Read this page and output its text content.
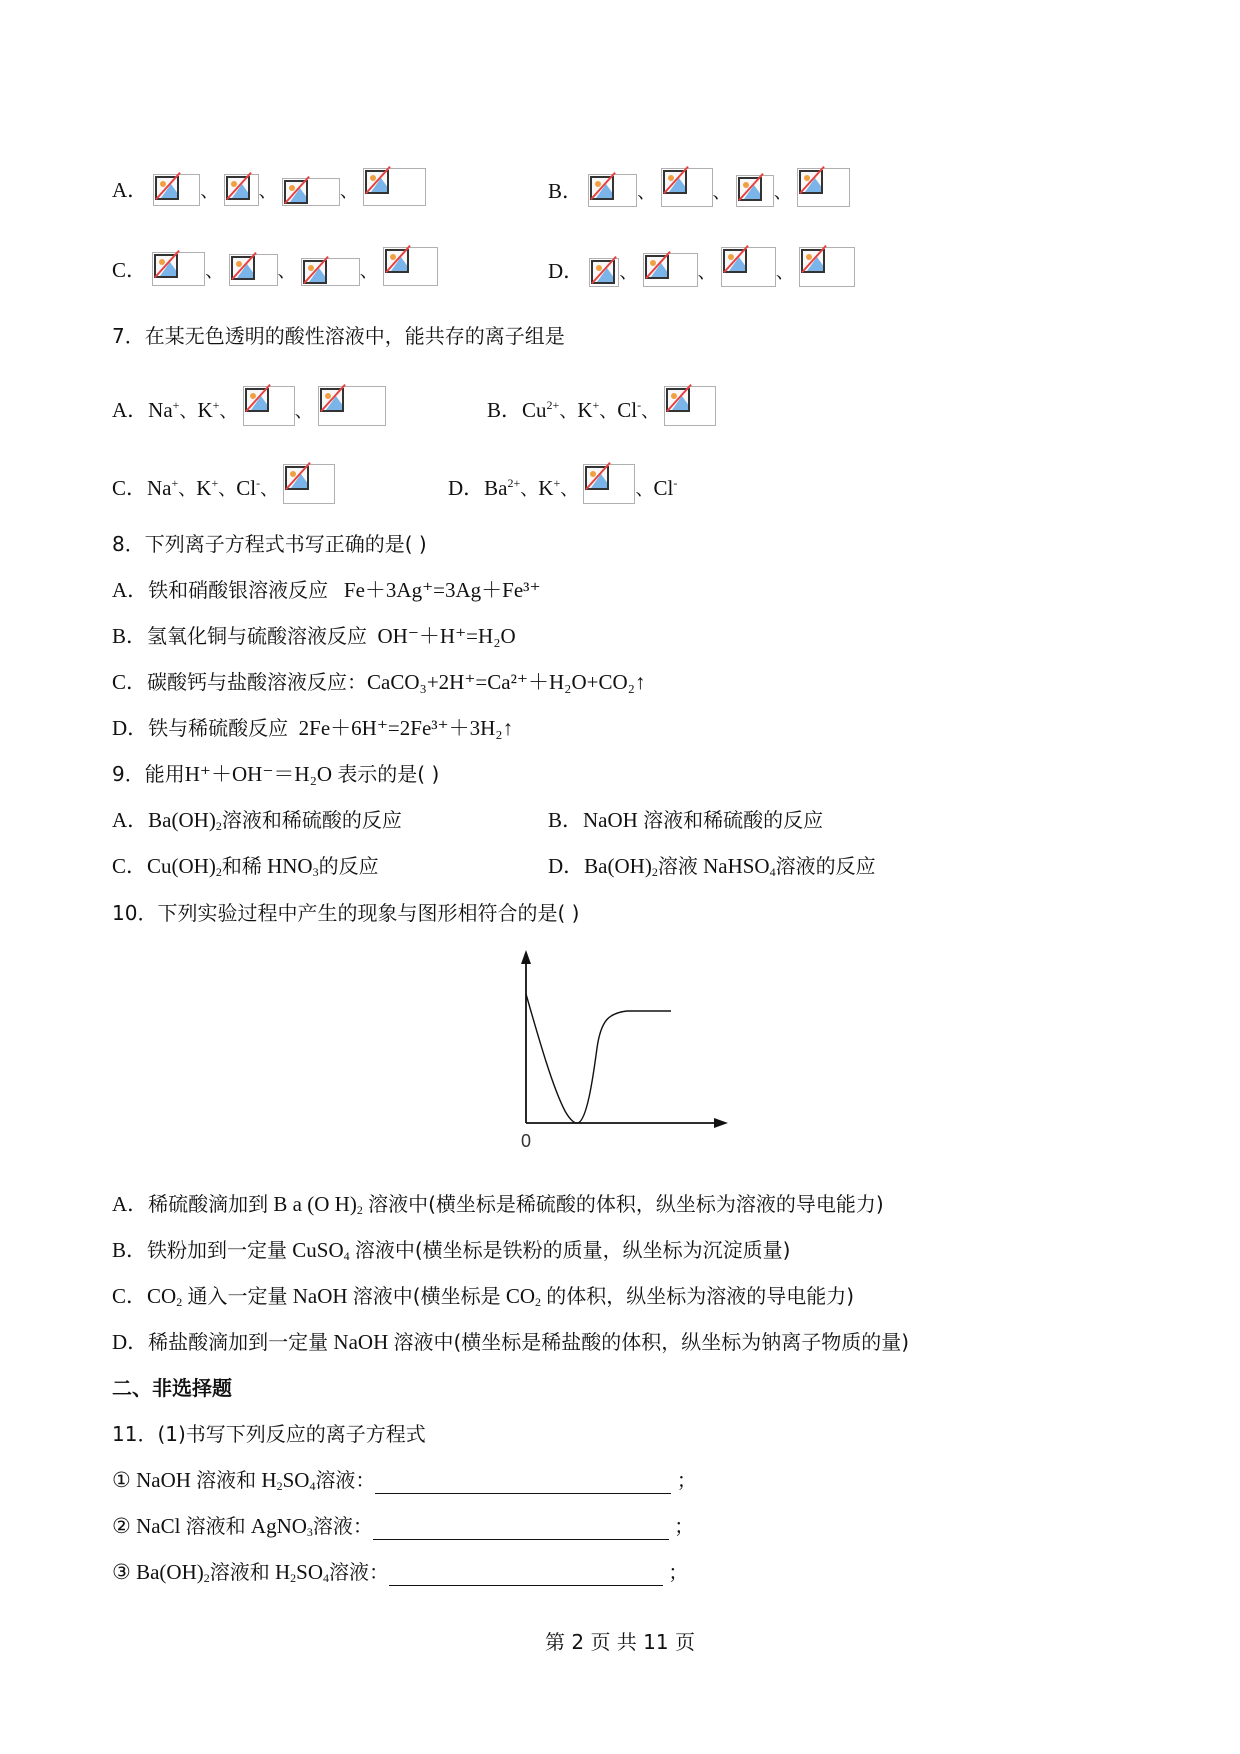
A．	、 、	、	B．	、	、 、
C．	、	、	、	D． 、	、	、
7．在某无色透明的酸性溶液中，能共存的离子组是
A．Na+、K+、	、	B．$Cu^{2+}$、K+、Cl-、
C．Na+、K+、Cl-、	D．$Ba^{2+}$、K+、	、Cl-
8．下列离子方程式书写正确的是( )
A．铁和硝酸银溶液反应 Fe＋3Ag⁺=3Ag＋Fe³⁺
B．氢氧化铜与硫酸溶液反应 OH⁻＋H⁺=H₂O
C．碳酸钙与盐酸溶液反应：CaCO₃+2H⁺=Ca²⁺＋H₂O+CO₂↑
D．铁与稀硫酸反应 2Fe＋6H⁺=2Fe³⁺＋3H₂↑
9．能用H⁺＋OH⁻＝H₂O 表示的是( )
A．$Ba(OH)_2$溶液和稀硫酸的反应	B．NaOH 溶液和稀硫酸的反应
C．$Cu(OH)_2$和稀 $HNO_3$的反应	D．$Ba(OH)_2$溶液 NaHSO$_4$溶液的反应
10．下列实验过程中产生的现象与图形相符合的是( )
0
A．稀硫酸滴加到 B a (O $H)_2$ 溶液中(横坐标是稀硫酸的体积，纵坐标为溶液的导电能力)
B．铁粉加到一定量 CuSO$_4$ 溶液中(横坐标是铁粉的质量，纵坐标为沉淀质量)
C．$CO_2$ 通入一定量 NaOH 溶液中(横坐标是 $CO_2$ 的体积，纵坐标为溶液的导电能力)
D．稀盐酸滴加到一定量 NaOH 溶液中(横坐标是稀盐酸的体积，纵坐标为钠离子物质的量)
二、非选择题
11．(1)书写下列反应的离子方程式
① NaOH 溶液和 $H_2SO_4$溶液：	；
② NaCl 溶液和 AgNO$_3$溶液：	；
③ $Ba(OH)_2$溶液和 $H_2SO_4$溶液：	；
第 2 页 共 11 页
